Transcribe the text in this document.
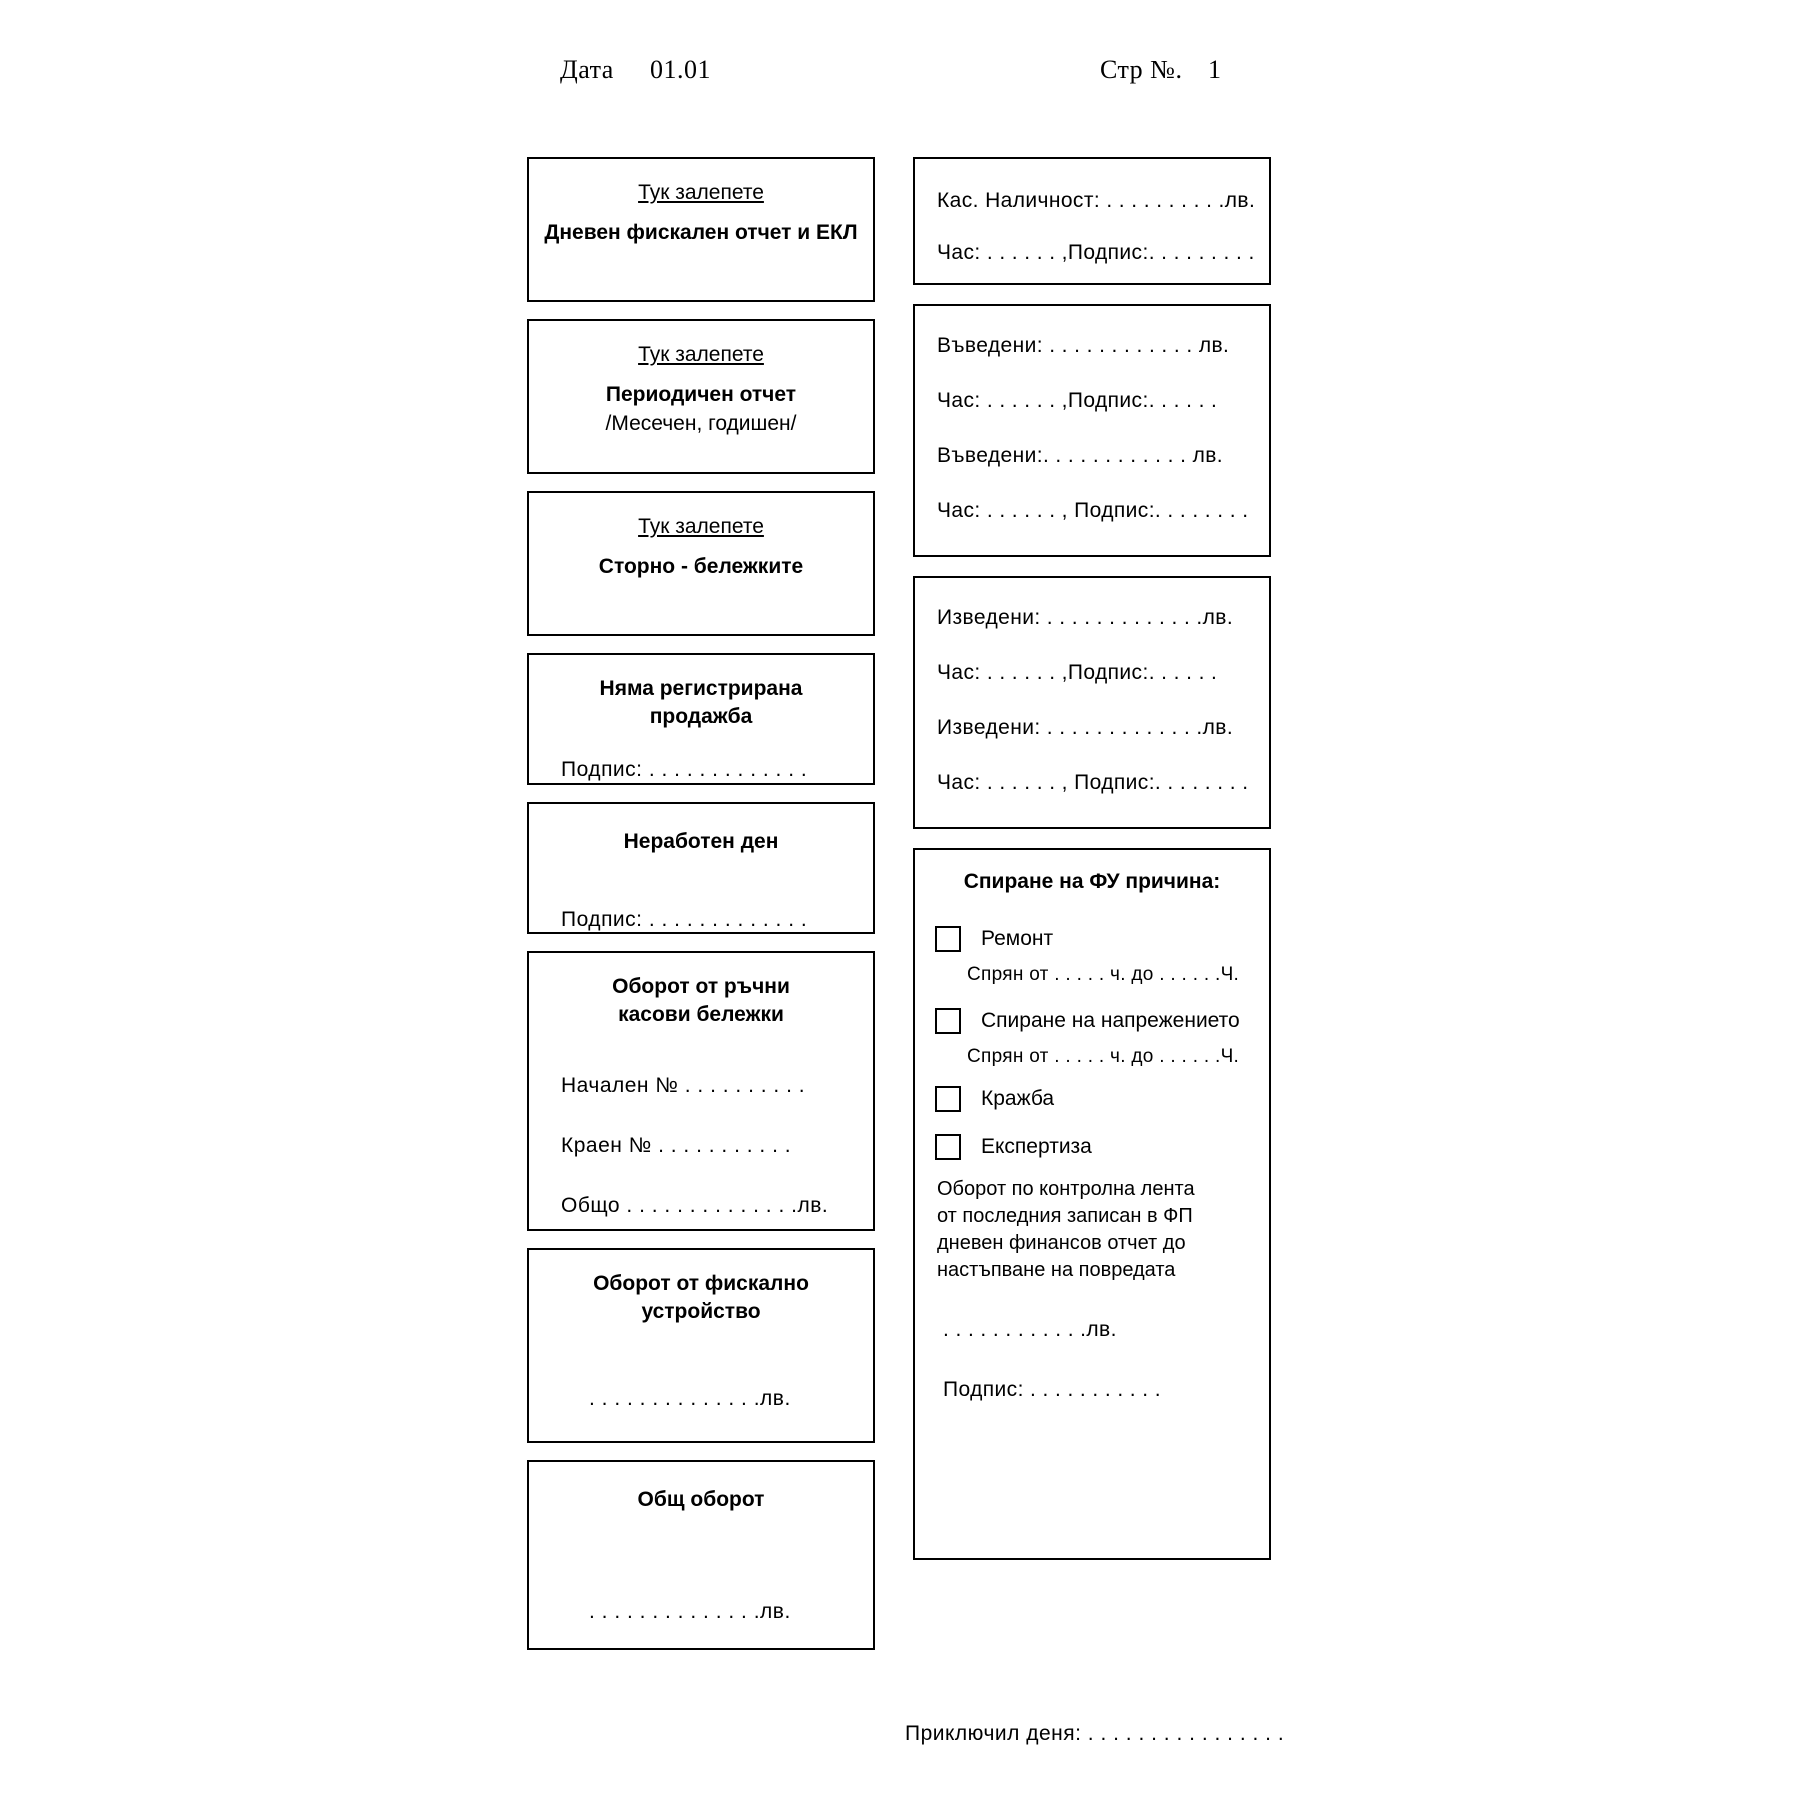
Дата 01.01	Стр №. 1
Тук залепете
Дневен фискален отчет и ЕКЛ
Тук залепете
Периодичен отчет
/Месечен, годишен/
Тук залепете
Сторно - бележките
Няма регистрирана
продажба
Подпис: . . . . . . . . . . . . .
Неработен ден
Подпис: . . . . . . . . . . . . .
Оборот от ръчни
касови бележки
Начален № . . . . . . . . . .
Краен № . . . . . . . . . . .
Общо . . . . . . . . . . . . . .лв.
Оборот от фискално
устройство
. . . . . . . . . . . . . .лв.
Общ оборот
. . . . . . . . . . . . . .лв.
Кас. Наличност: . . . . . . . . . .лв.
Час: . . . . . . ,Подпис:. . . . . . . . .
Въведени: . . . . . . . . . . . . лв.
Час: . . . . . . ,Подпис:. . . . . .
Въведени:. . . . . . . . . . . . лв.
Час: . . . . . . , Подпис:. . . . . . . .
Изведени: . . . . . . . . . . . . .лв.
Час: . . . . . . ,Подпис:. . . . . .
Изведени: . . . . . . . . . . . . .лв.
Час: . . . . . . , Подпис:. . . . . . . .
Спиране на ФУ причина:
Ремонт
Спрян от . . . . . ч. до . . . . . .Ч.
Спиране на напрежението
Спрян от . . . . . ч. до . . . . . .Ч.
Кражба
Експертиза
Оборот по контролна лента
от последния записан в ФП
дневен финансов отчет до
настъпване на повредата
. . . . . . . . . . . .лв.
Подпис: . . . . . . . . . . .
Приключил деня: . . . . . . . . . . . . . . . .
